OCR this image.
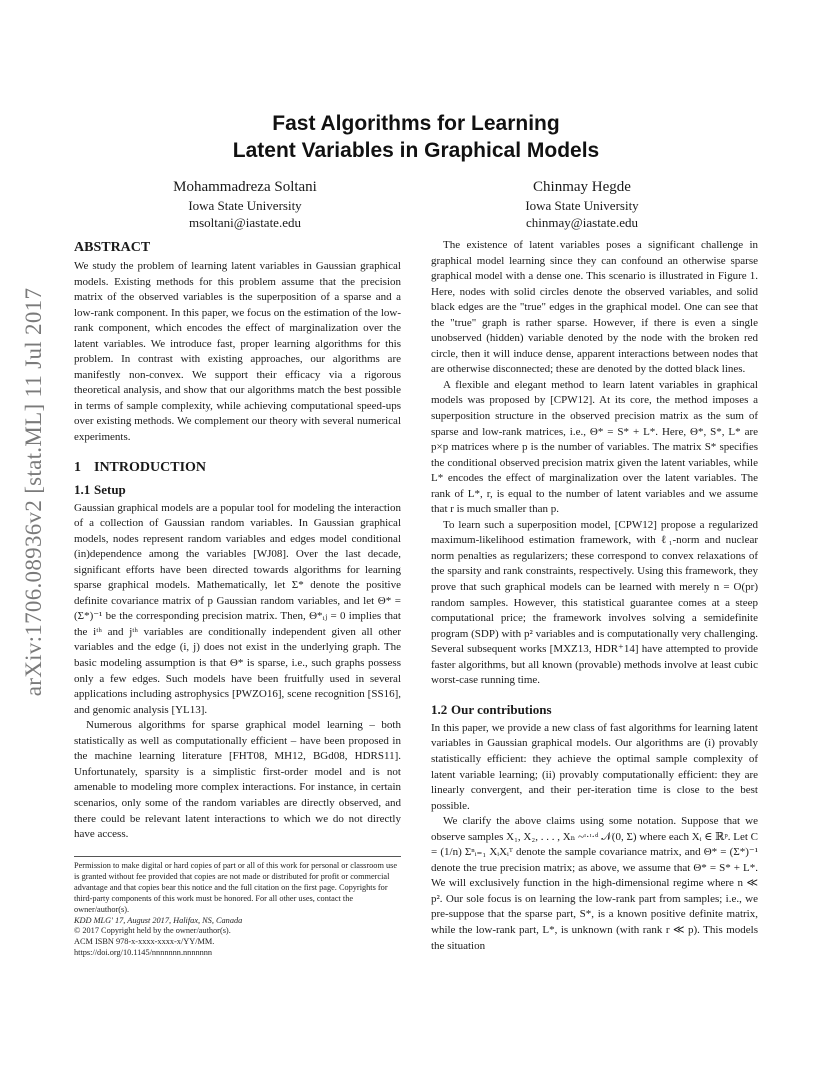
arXiv:1706.08936v2 [stat.ML] 11 Jul 2017
Fast Algorithms for Learning
Latent Variables in Graphical Models
Mohammadreza Soltani
Iowa State University
msoltani@iastate.edu
Chinmay Hegde
Iowa State University
chinmay@iastate.edu
ABSTRACT

We study the problem of learning latent variables in Gaussian graphical models. Existing methods for this problem assume that the precision matrix of the observed variables is the superposition of a sparse and a low-rank component. In this paper, we focus on the estimation of the low-rank component, which encodes the effect of marginalization over the latent variables. We introduce fast, proper learning algorithms for this problem. In contrast with existing approaches, our algorithms are manifestly non-convex. We support their efficacy via a rigorous theoretical analysis, and show that our algorithms match the best possible in terms of sample complexity, while achieving computational speed-ups over existing methods. We complement our theory with several numerical experiments.

1 INTRODUCTION
1.1 Setup

Gaussian graphical models are a popular tool for modeling the interaction of a collection of Gaussian random variables. In Gaussian graphical models, nodes represent random variables and edges model conditional (in)dependence among the variables [WJ08]. Over the last decade, significant efforts have been directed towards algorithms for learning sparse graphical models. Mathematically, let Σ* denote the positive definite covariance matrix of p Gaussian random variables, and let Θ* = (Σ*)⁻¹ be the corresponding precision matrix. Then, Θ*ᵢⱼ = 0 implies that the iᵗʰ and jᵗʰ variables are conditionally independent given all other variables and the edge (i, j) does not exist in the underlying graph. The basic modeling assumption is that Θ* is sparse, i.e., such graphs possess only a few edges. Such models have been fruitfully used in several applications including astrophysics [PWZO16], scene recognition [SS16], and genomic analysis [YL13].

Numerous algorithms for sparse graphical model learning – both statistically as well as computationally efficient – have been proposed in the machine learning literature [FHT08, MH12, BGd08, HDRS11]. Unfortunately, sparsity is a simplistic first-order model and is not amenable to modeling more complex interactions. For instance, in certain scenarios, only some of the random variables are directly observed, and there could be relevant latent interactions to which we do not directly have access.

The existence of latent variables poses a significant challenge in graphical model learning since they can confound an otherwise sparse graphical model with a dense one. This scenario is illustrated in Figure 1. Here, nodes with solid circles denote the observed variables, and solid black edges are the "true" edges in the graphical model. One can see that the "true" graph is rather sparse. However, if there is even a single unobserved (hidden) variable denoted by the node with the broken red circle, then it will induce dense, apparent interactions between nodes that are otherwise disconnected; these are denoted by the dotted black lines.

A flexible and elegant method to learn latent variables in graphical models was proposed by [CPW12]. At its core, the method imposes a superposition structure in the observed precision matrix as the sum of sparse and low-rank matrices, i.e., Θ* = S* + L*. Here, Θ*, S*, L* are p×p matrices where p is the number of variables. The matrix S* specifies the conditional observed precision matrix given the latent variables, while L* encodes the effect of marginalization over the latent variables. The rank of L*, r, is equal to the number of latent variables and we assume that r is much smaller than p.

To learn such a superposition model, [CPW12] propose a regularized maximum-likelihood estimation framework, with ℓ₁-norm and nuclear norm penalties as regularizers; these correspond to convex relaxations of the sparsity and rank constraints, respectively. Using this framework, they prove that such graphical models can be learned with merely n = O(pr) random samples. However, this statistical guarantee comes at a steep computational price; the framework involves solving a semidefinite program (SDP) with p² variables and is computationally very challenging. Several subsequent works [MXZ13, HDR⁺14] have attempted to provide faster algorithms, but all known (provable) methods involve at least cubic worst-case running time.

1.2 Our contributions

In this paper, we provide a new class of fast algorithms for learning latent variables in Gaussian graphical models. Our algorithms are (i) provably statistically efficient: they achieve the optimal sample complexity of latent variable learning; (ii) provably computationally efficient: they are linearly convergent, and their per-iteration time is close to the best possible.

We clarify the above claims using some notation. Suppose that we observe samples X₁, X₂, . . . , Xₙ ~ᶦ·ᶦ·ᵈ 𝒩(0, Σ) where each Xᵢ ∈ ℝᵖ. Let C = (1/n) Σⁿᵢ₌₁ XᵢXᵢᵀ denote the sample covariance matrix, and Θ* = (Σ*)⁻¹ denote the true precision matrix; as above, we assume that Θ* = S* + L*. We will exclusively function in the high-dimensional regime where n ≪ p². Our sole focus is on learning the low-rank part from samples; i.e., we pre-suppose that the sparse part, S*, is a known positive definite matrix, while the low-rank part, L*, is unknown (with rank r ≪ p). This models the situation

Permission to make digital or hard copies of part or all of this work for personal or classroom use is granted without fee provided that copies are not made or distributed for profit or commercial advantage and that copies bear this notice and the full citation on the first page. Copyrights for third-party components of this work must be honored. For all other uses, contact the owner/author(s).

KDD MLG' 17, August 2017, Halifax, NS, Canada

© 2017 Copyright held by the owner/author(s).

ACM ISBN 978-x-xxxx-xxxx-x/YY/MM.

https://doi.org/10.1145/nnnnnnn.nnnnnnn
